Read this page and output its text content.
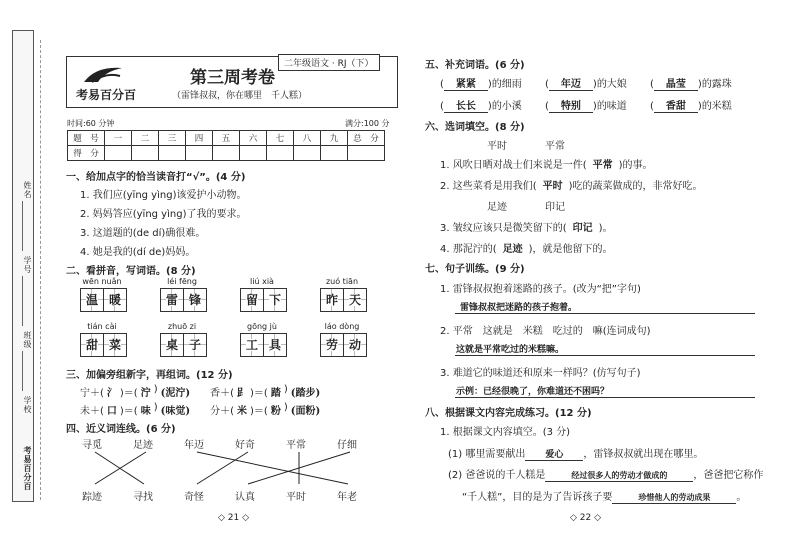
姓名
学号
班级
学校
考易百分百
考易百分百
二年级语文 · RJ（下）
第三周考卷
（雷锋叔叔，你在哪里　千人糕）
时间:60 分钟	满分:100 分
题　号	一	二	三	四	五	六	七	八	九	总　分
得　分										
一、给加点字的恰当读音打“√”。(4 分)
1. 我们应(yīng yìng)该爱护小动物。
2. 妈妈答应(yīng yìng)了我的要求。
3. 这道题的(de dí)确很难。
4. 她是我的(dí de)妈妈。
二、看拼音，写词语。(8 分)
wēn nuǎn
温 暖
léi fēng
雷 锋
liú xià
留 下
zuó tiān
昨 天
tián cài
甜 菜
zhuō zi
桌 子
gōng jù
工 具
láo dòng
劳 动
三、加偏旁组新字，再组词。(12 分)
宁＋( 氵 )＝( 泞 ) (泥泞) 香＋( 𧾷 )＝( 踏 ) (踏步)
未＋( 口 )＝( 味 ) (味觉) 分＋( 米 )＝( 粉 ) (面粉)
四、近义词连线。(6 分)
寻觅	足迹	年迈	好奇	平常	仔细
踪迹	寻找	奇怪	认真	平时	年老
◇ 21 ◇
五、补充词语。(6 分)
( 紧紧 )的细雨 ( 年迈 )的大娘 ( 晶莹 )的露珠
( 长长 )的小溪 ( 特别 )的味道 ( 香甜 )的米糕
六、选词填空。(8 分)
平时	平常
1. 风吹日晒对战士们来说是一件( 平常 )的事。
2. 这些菜肴是用我们( 平时 )吃的蔬菜做成的，非常好吃。
足迹	印记
3. 皱纹应该只是微笑留下的( 印记 )。
4. 那泥泞的( 足迹 )，就是他留下的。
七、句子训练。(9 分)
1. 雷锋叔叔抱着迷路的孩子。(改为“把”字句)
雷锋叔叔把迷路的孩子抱着。
2. 平常　这就是　米糕　吃过的　嘛(连词成句)
这就是平常吃过的米糕嘛。
3. 难道它的味道还和原来一样吗？(仿写句子)
示例：已经很晚了，你难道还不困吗？
八、根据课文内容完成练习。(12 分)
1. 根据课文内容填空。(3 分)
(1) 哪里需要献出 爱心 ，雷锋叔叔就出现在哪里。
(2) 爸爸说的千人糕是	经过很多人的劳动才做成的	，爸爸把它称作
“千人糕”，目的是为了告诉孩子要	珍惜他人的劳动成果	。
◇ 22 ◇
